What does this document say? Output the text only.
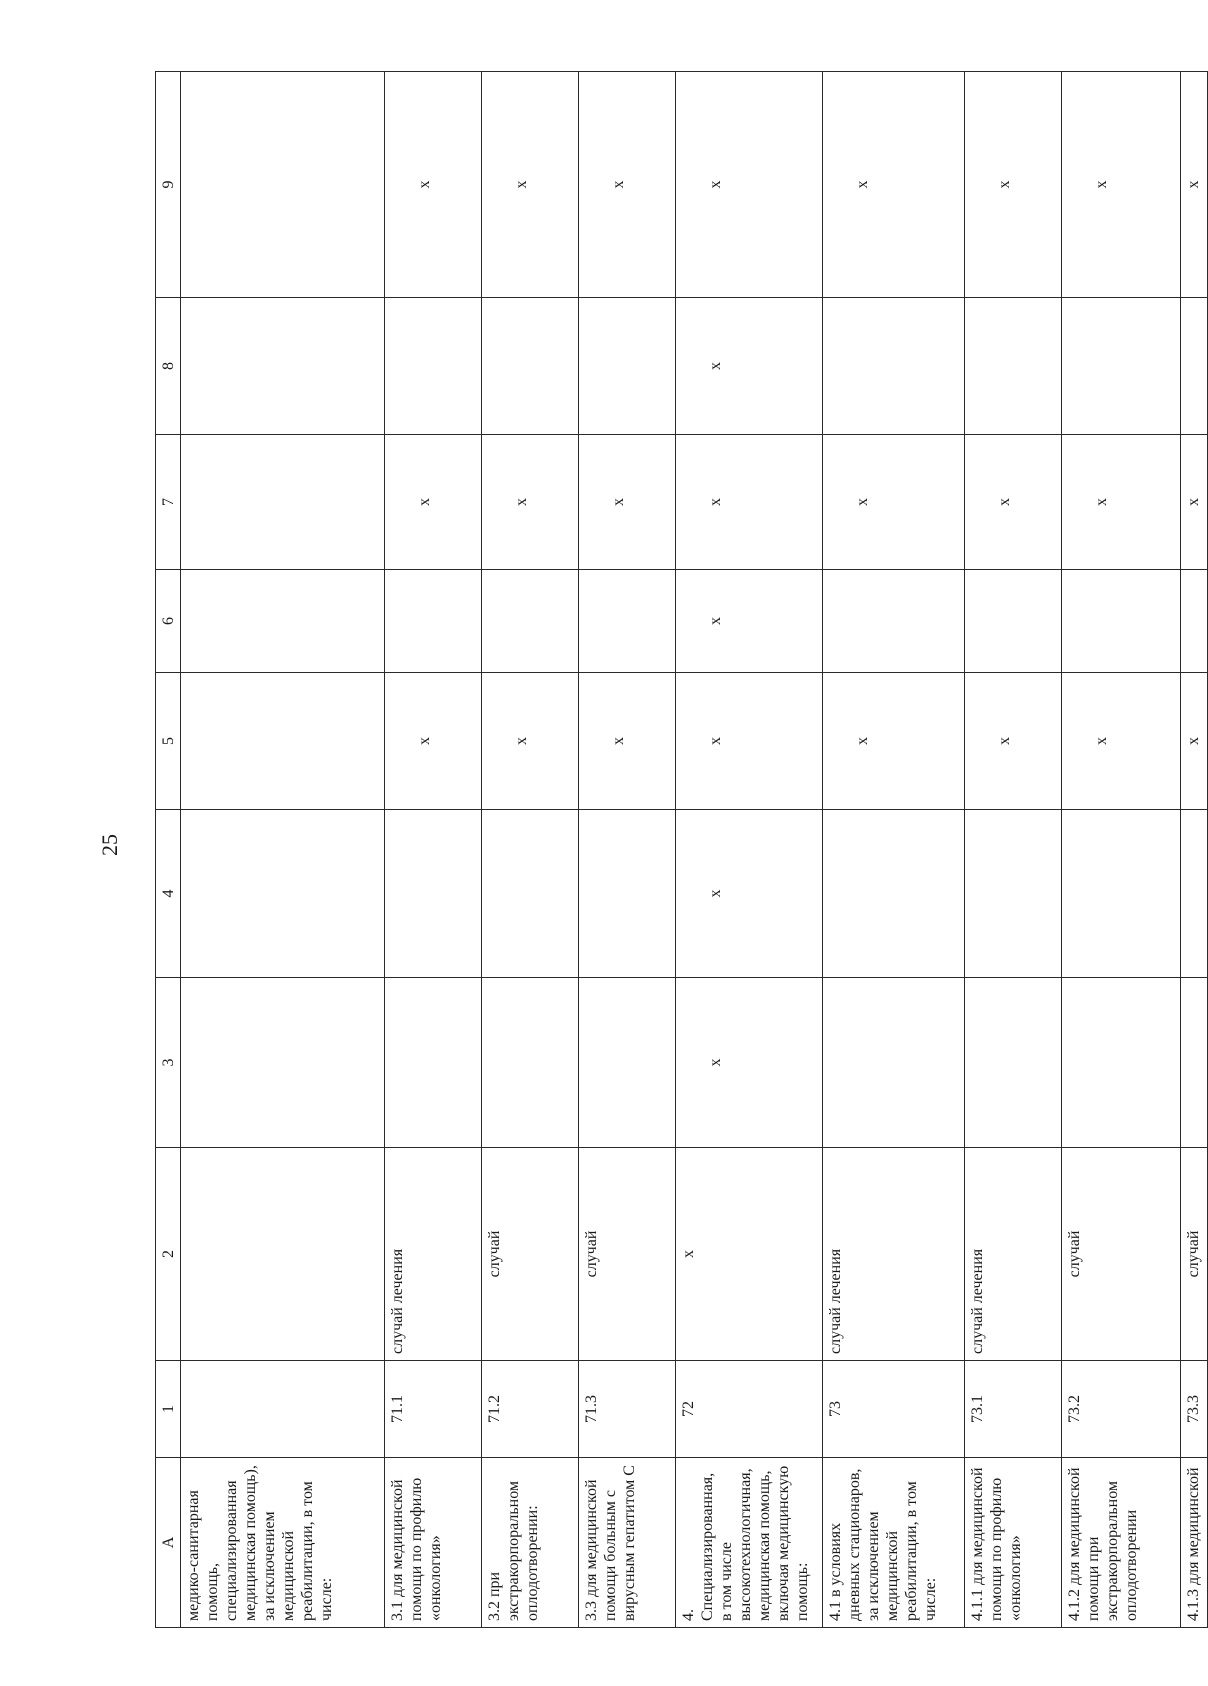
25
A	1	2	3	4	5	6	7	8	9
медико-санитарная помощь, специализированная медицинская помощь), за исключением медицинской реабилитации, в том числе:									
3.1 для медицинской помощи по профилю «онкология»	71.1	случай лечения			x		x		x
3.2 при экстракорпоральном оплодотворении:	71.2	случай			x		x		x
3.3 для медицинской помощи больным с вирусным гепатитом С	71.3	случай			x		x		x
4. Специализированная, в том числе высокотехнологичная, медицинская помощь, включая медицинскую помощь:	72	x	x	x	x	x	x	x	x
4.1 в условиях дневных стационаров, за исключением медицинской реабилитации, в том числе:	73	случай лечения			x		x		x
4.1.1 для медицинской помощи по профилю «онкология»	73.1	случай лечения			x		x		x
4.1.2 для медицинской помощи при экстракорпоральном оплодотворении	73.2	случай			x		x		x
4.1.3 для медицинской	73.3	случай			x		x		x
